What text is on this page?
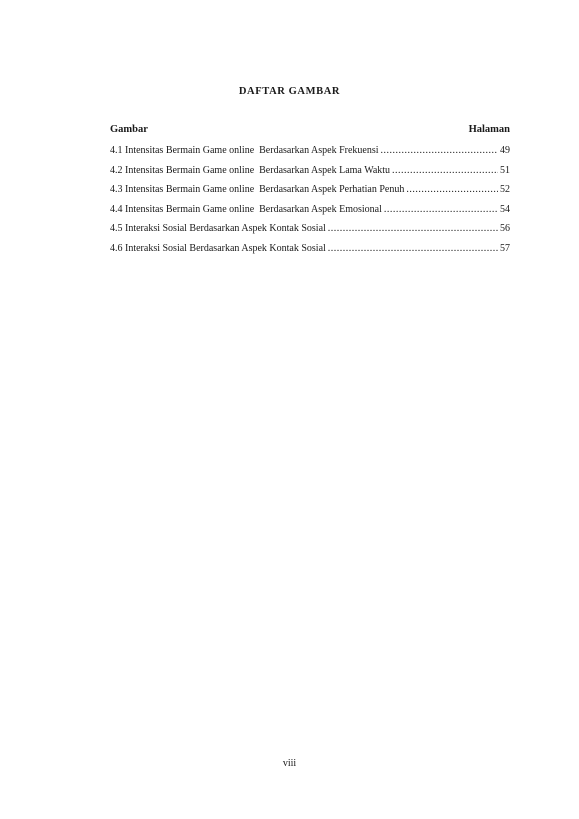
DAFTAR GAMBAR
Gambar	Halaman
4.1 Intensitas Bermain Game online  Berdasarkan Aspek Frekuensi .....	49
4.2 Intensitas Bermain Game online  Berdasarkan Aspek Lama Waktu .....	51
4.3 Intensitas Bermain Game online  Berdasarkan Aspek Perhatian Penuh .....	52
4.4 Intensitas Bermain Game online  Berdasarkan Aspek Emosional .....	54
4.5 Interaksi Sosial Berdasarkan Aspek Kontak Sosial .....	56
4.6 Interaksi Sosial Berdasarkan Aspek Kontak Sosial .....	57
viii
